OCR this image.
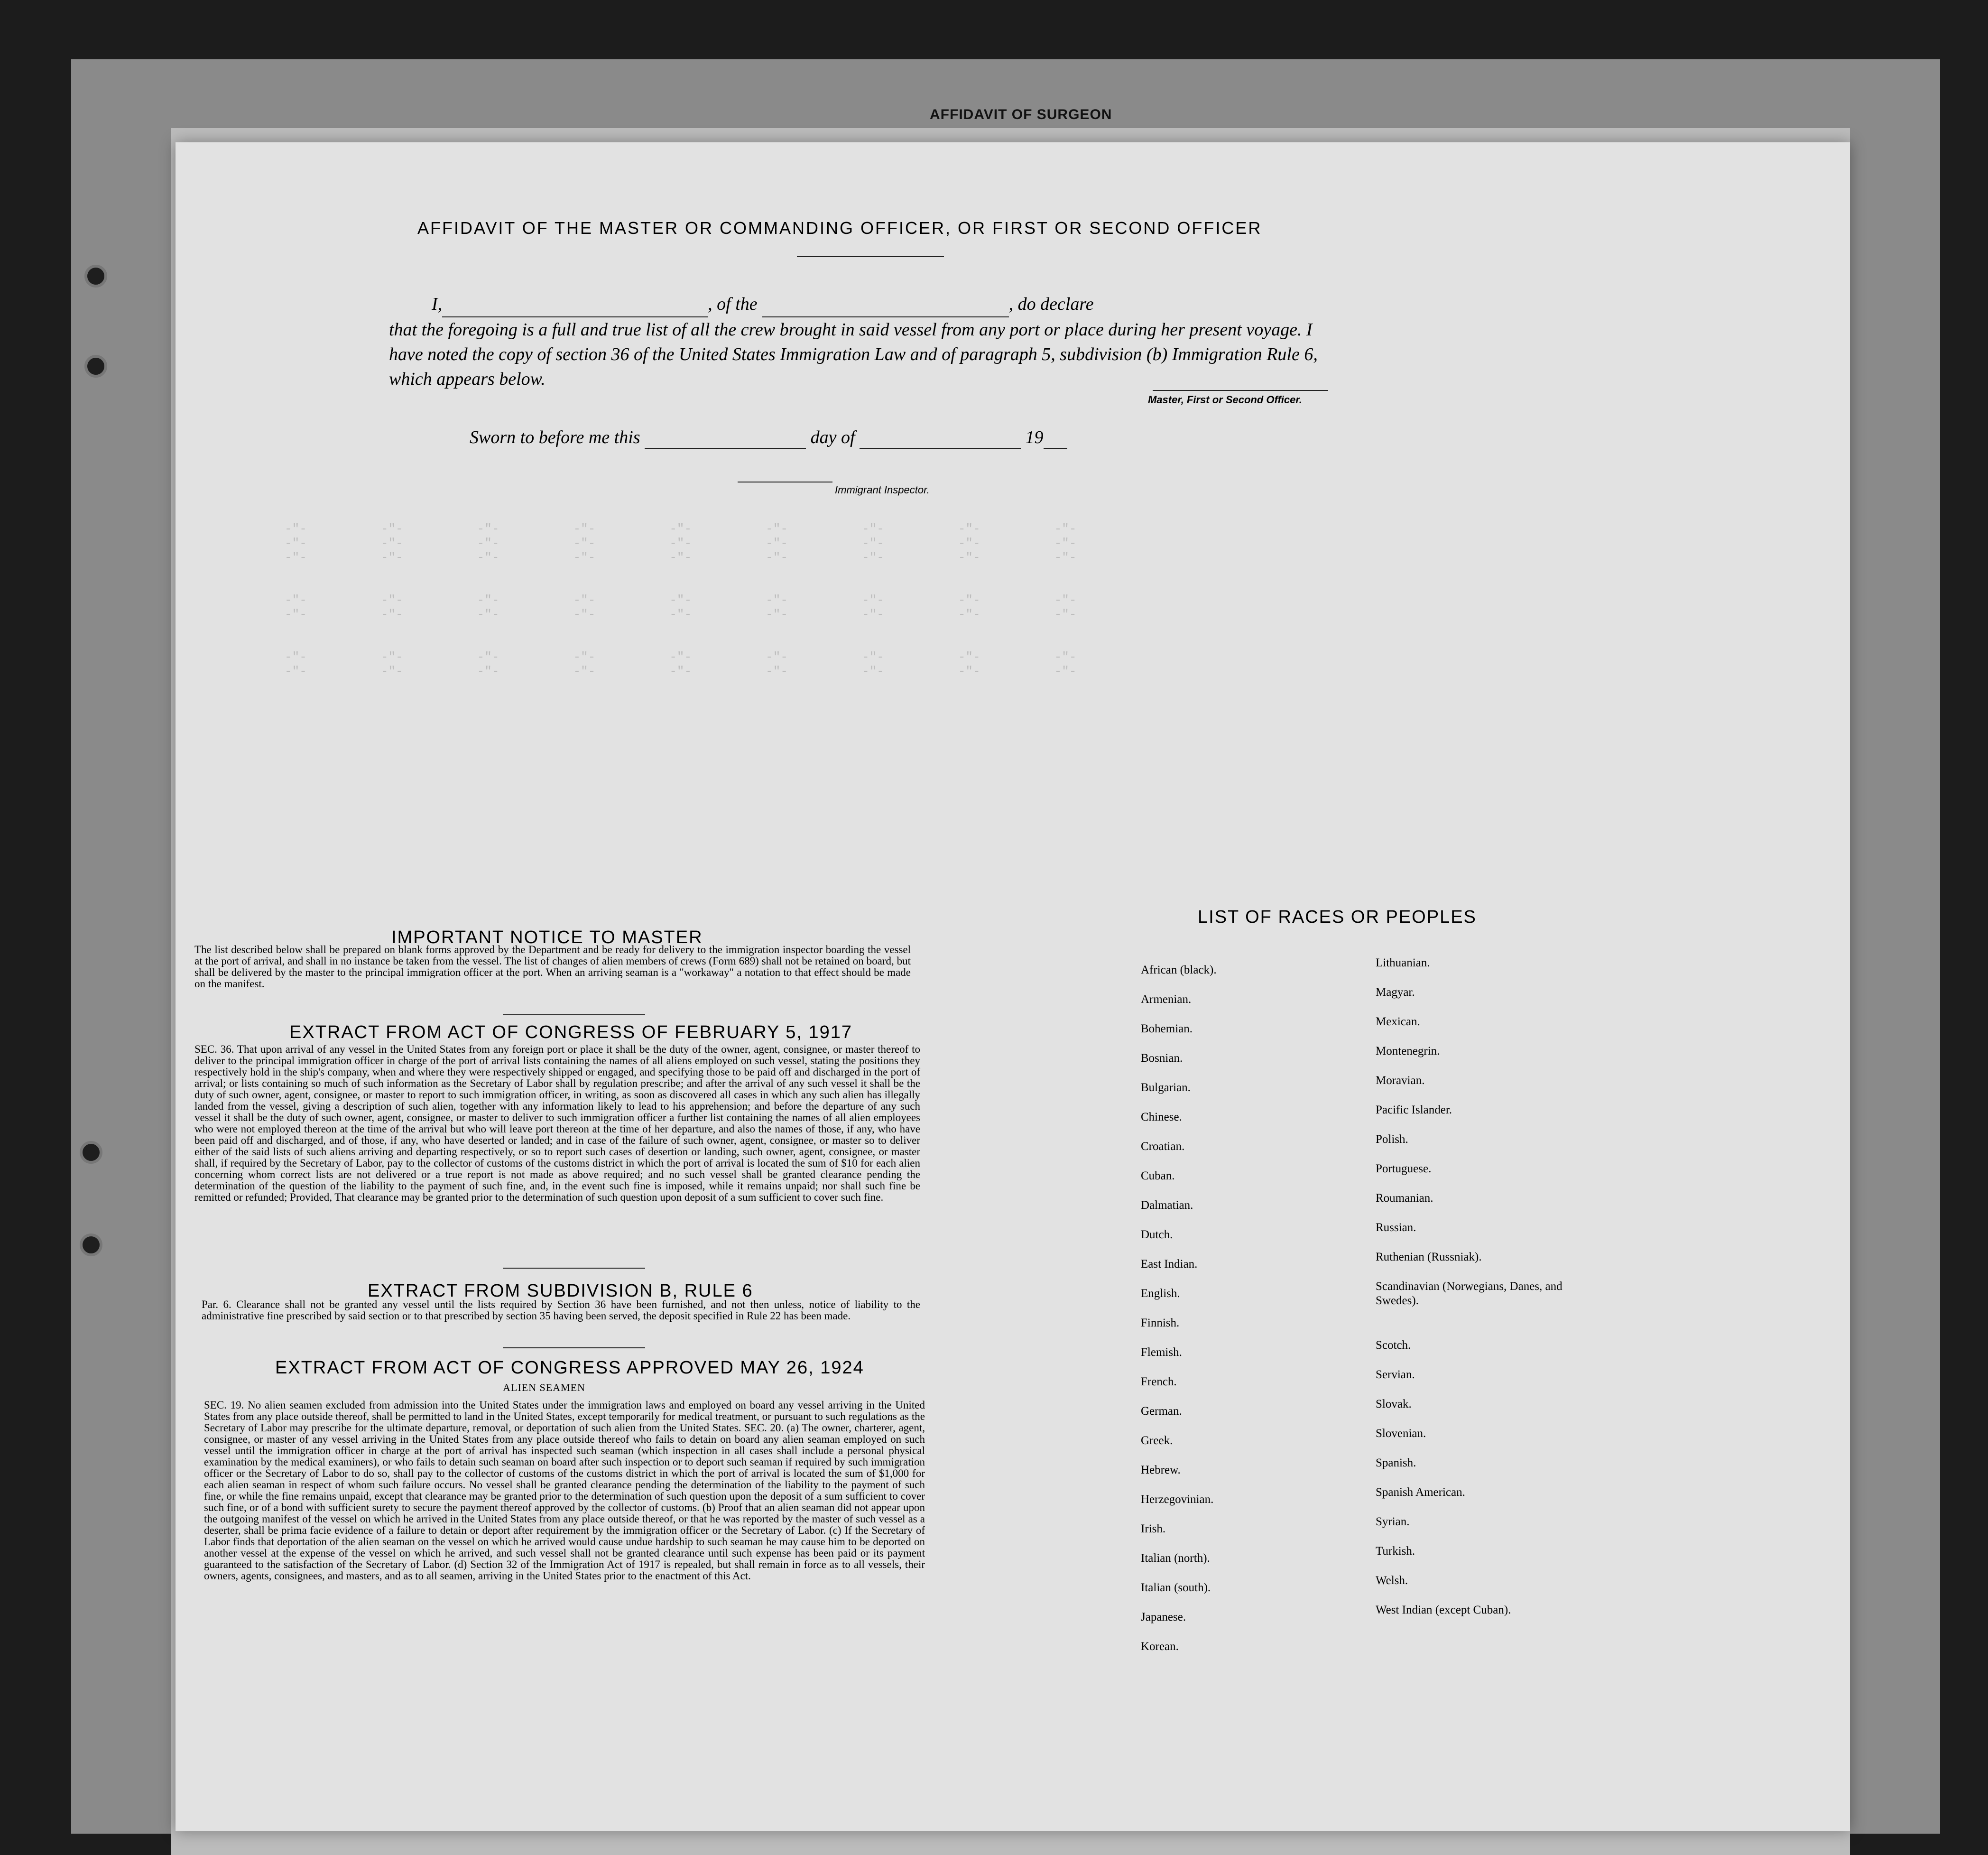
AFFIDAVIT OF SURGEON
-"-          -"-          -"-          -"-          -"-          -"-          -"-          -"-          -"-
-"-          -"-          -"-          -"-          -"-          -"-          -"-          -"-          -"-
-"-          -"-          -"-          -"-          -"-          -"-          -"-          -"-          -"-

-"-          -"-          -"-          -"-          -"-          -"-          -"-          -"-          -"-
-"-          -"-          -"-          -"-          -"-          -"-          -"-          -"-          -"-

-"-          -"-          -"-          -"-          -"-          -"-          -"-          -"-          -"-
-"-          -"-          -"-          -"-          -"-          -"-          -"-          -"-          -"-
AFFIDAVIT OF THE MASTER OR COMMANDING OFFICER, OR FIRST OR SECOND OFFICER
I,	, of the	, do declare
that the foregoing is a full and true list of all the crew brought in said vessel from any port or place during her present voyage. I have noted the copy of section 36 of the United States Immigration Law and of paragraph 5, subdivision (b) Immigration Rule 6, which appears below.
Master, First or Second Officer.
Sworn to before me this	day of	19
Immigrant Inspector.
IMPORTANT NOTICE TO MASTER
The list described below shall be prepared on blank forms approved by the Department and be ready for delivery to the immigration inspector boarding the vessel at the port of arrival, and shall in no instance be taken from the vessel. The list of changes of alien members of crews (Form 689) shall not be retained on board, but shall be delivered by the master to the principal immigration officer at the port. When an arriving seaman is a "workaway" a notation to that effect should be made on the manifest.
EXTRACT FROM ACT OF CONGRESS OF FEBRUARY 5, 1917
SEC. 36. That upon arrival of any vessel in the United States from any foreign port or place it shall be the duty of the owner, agent, consignee, or master thereof to deliver to the principal immigration officer in charge of the port of arrival lists containing the names of all aliens employed on such vessel, stating the positions they respectively hold in the ship's company, when and where they were respectively shipped or engaged, and specifying those to be paid off and discharged in the port of arrival; or lists containing so much of such information as the Secretary of Labor shall by regulation prescribe; and after the arrival of any such vessel it shall be the duty of such owner, agent, consignee, or master to report to such immigration officer, in writing, as soon as discovered all cases in which any such alien has illegally landed from the vessel, giving a description of such alien, together with any information likely to lead to his apprehension; and before the departure of any such vessel it shall be the duty of such owner, agent, consignee, or master to deliver to such immigration officer a further list containing the names of all alien employees who were not employed thereon at the time of the arrival but who will leave port thereon at the time of her departure, and also the names of those, if any, who have been paid off and discharged, and of those, if any, who have deserted or landed; and in case of the failure of such owner, agent, consignee, or master so to deliver either of the said lists of such aliens arriving and departing respectively, or so to report such cases of desertion or landing, such owner, agent, consignee, or master shall, if required by the Secretary of Labor, pay to the collector of customs of the customs district in which the port of arrival is located the sum of $10 for each alien concerning whom correct lists are not delivered or a true report is not made as above required; and no such vessel shall be granted clearance pending the determination of the question of the liability to the payment of such fine, and, in the event such fine is imposed, while it remains unpaid; nor shall such fine be remitted or refunded; Provided, That clearance may be granted prior to the determination of such question upon deposit of a sum sufficient to cover such fine.
EXTRACT FROM SUBDIVISION B, RULE 6
Par. 6. Clearance shall not be granted any vessel until the lists required by Section 36 have been furnished, and not then unless, notice of liability to the administrative fine prescribed by said section or to that prescribed by section 35 having been served, the deposit specified in Rule 22 has been made.
EXTRACT FROM ACT OF CONGRESS APPROVED MAY 26, 1924
ALIEN SEAMEN
SEC. 19. No alien seamen excluded from admission into the United States under the immigration laws and employed on board any vessel arriving in the United States from any place outside thereof, shall be permitted to land in the United States, except temporarily for medical treatment, or pursuant to such regulations as the Secretary of Labor may prescribe for the ultimate departure, removal, or deportation of such alien from the United States. SEC. 20. (a) The owner, charterer, agent, consignee, or master of any vessel arriving in the United States from any place outside thereof who fails to detain on board any alien seaman employed on such vessel until the immigration officer in charge at the port of arrival has inspected such seaman (which inspection in all cases shall include a personal physical examination by the medical examiners), or who fails to detain such seaman on board after such inspection or to deport such seaman if required by such immigration officer or the Secretary of Labor to do so, shall pay to the collector of customs of the customs district in which the port of arrival is located the sum of $1,000 for each alien seaman in respect of whom such failure occurs. No vessel shall be granted clearance pending the determination of the liability to the payment of such fine, or while the fine remains unpaid, except that clearance may be granted prior to the determination of such question upon the deposit of a sum sufficient to cover such fine, or of a bond with sufficient surety to secure the payment thereof approved by the collector of customs. (b) Proof that an alien seaman did not appear upon the outgoing manifest of the vessel on which he arrived in the United States from any place outside thereof, or that he was reported by the master of such vessel as a deserter, shall be prima facie evidence of a failure to detain or deport after requirement by the immigration officer or the Secretary of Labor. (c) If the Secretary of Labor finds that deportation of the alien seaman on the vessel on which he arrived would cause undue hardship to such seaman he may cause him to be deported on another vessel at the expense of the vessel on which he arrived, and such vessel shall not be granted clearance until such expense has been paid or its payment guaranteed to the satisfaction of the Secretary of Labor. (d) Section 32 of the Immigration Act of 1917 is repealed, but shall remain in force as to all vessels, their owners, agents, consignees, and masters, and as to all seamen, arriving in the United States prior to the enactment of this Act.
LIST OF RACES OR PEOPLES
African (black).
Armenian.
Bohemian.
Bosnian.
Bulgarian.
Chinese.
Croatian.
Cuban.
Dalmatian.
Dutch.
East Indian.
English.
Finnish.
Flemish.
French.
German.
Greek.
Hebrew.
Herzegovinian.
Irish.
Italian (north).
Italian (south).
Japanese.
Korean.
Lithuanian.
Magyar.
Mexican.
Montenegrin.
Moravian.
Pacific Islander.
Polish.
Portuguese.
Roumanian.
Russian.
Ruthenian (Russniak).
Scandinavian (Norwegians, Danes, and Swedes).
Scotch.
Servian.
Slovak.
Slovenian.
Spanish.
Spanish American.
Syrian.
Turkish.
Welsh.
West Indian (except Cuban).
